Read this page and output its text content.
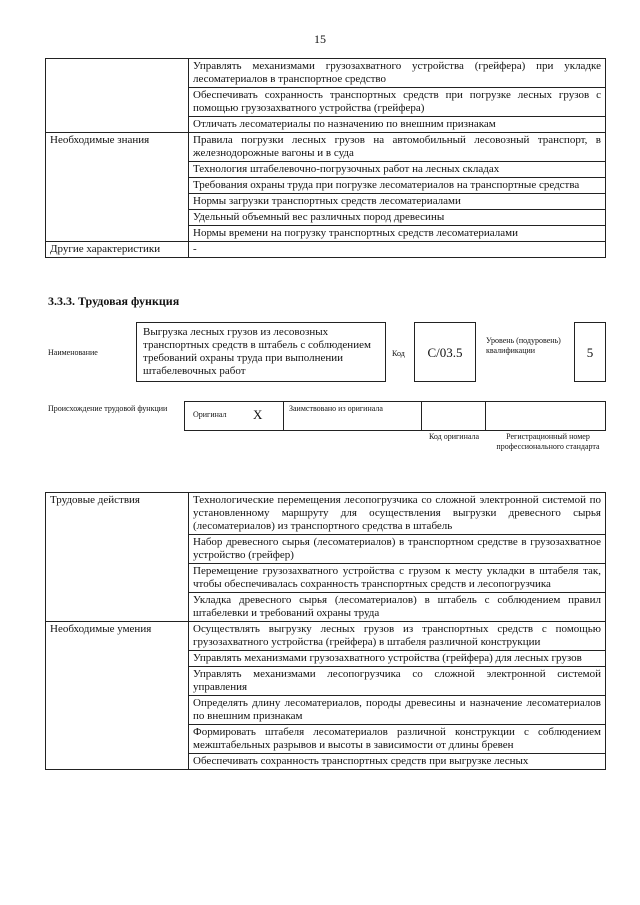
15
	Управлять механизмами грузозахватного устройства (грейфера) при укладке лесоматериалов в транспортное средство
	Обеспечивать сохранность транспортных средств при погрузке лесных грузов с помощью грузозахватного устройства (грейфера)
	Отличать лесоматериалы по назначению по внешним признакам
Необходимые знания	Правила погрузки лесных грузов на автомобильный лесовозный транспорт, в железнодорожные вагоны и в суда
	Технология штабелевочно-погрузочных работ на лесных складах
	Требования охраны труда при погрузке лесоматериалов на транспортные средства
	Нормы загрузки транспортных средств лесоматериалами
	Удельный объемный вес различных пород древесины
	Нормы времени на погрузку транспортных средств лесоматериалами
Другие характеристики	-
3.3.3. Трудовая функция
Наименование
Выгрузка лесных грузов из лесовозных транспортных средств в штабель с соблюдением требований охраны труда при выполнении штабелевочных работ
Код	С/03.5
Уровень (подуровень) квалификации	5
Происхождение трудовой функции
Оригинал X	Заимствовано из оригинала
Код оригинала	Регистрационный номер профессионального стандарта
Трудовые действия	Технологические перемещения лесопогрузчика со сложной электронной системой по установленному маршруту для осуществления выгрузки древесного сырья (лесоматериалов) из транспортного средства в штабель
	Набор древесного сырья (лесоматериалов) в транспортном средстве в грузозахватное устройство (грейфер)
	Перемещение грузозахватного устройства с грузом к месту укладки в штабеля так, чтобы обеспечивалась сохранность транспортных средств и лесопогрузчика
	Укладка древесного сырья (лесоматериалов) в штабель с соблюдением правил штабелевки и требований охраны труда
Необходимые умения	Осуществлять выгрузку лесных грузов из транспортных средств с помощью грузозахватного устройства (грейфера) в штабеля различной конструкции
	Управлять механизмами грузозахватного устройства (грейфера) для лесных грузов
	Управлять механизмами лесопогрузчика со сложной электронной системой управления
	Определять длину лесоматериалов, породы древесины и назначение лесоматериалов по внешним признакам
	Формировать штабеля лесоматериалов различной конструкции с соблюдением межштабельных разрывов и высоты в зависимости от длины бревен
	Обеспечивать сохранность транспортных средств при выгрузке лесных
